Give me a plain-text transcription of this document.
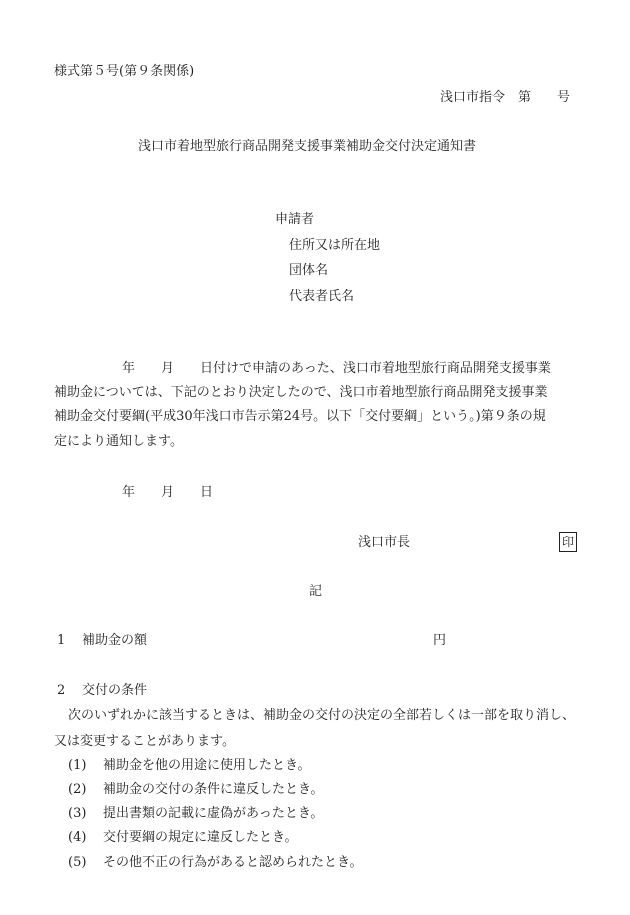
様式第５号(第９条関係)
浅口市指令　第　　号
浅口市着地型旅行商品開発支援事業補助金交付決定通知書
申請者
住所又は所在地
団体名
代表者氏名
年　　月　　日付けで申請のあった、浅口市着地型旅行商品開発支援事業
補助金については、下記のとおり決定したので、浅口市着地型旅行商品開発支援事業
補助金交付要綱(平成30年浅口市告示第24号。以下「交付要綱」という。)第９条の規
定により通知します。
年　　月　　日
浅口市長	印
記
1 補助金の額	円
2 交付の条件
次のいずれかに該当するときは、補助金の交付の決定の全部若しくは一部を取り消し、
又は変更することがあります。
(1) 補助金を他の用途に使用したとき。
(2) 補助金の交付の条件に違反したとき。
(3) 提出書類の記載に虚偽があったとき。
(4) 交付要綱の規定に違反したとき。
(5) その他不正の行為があると認められたとき。
